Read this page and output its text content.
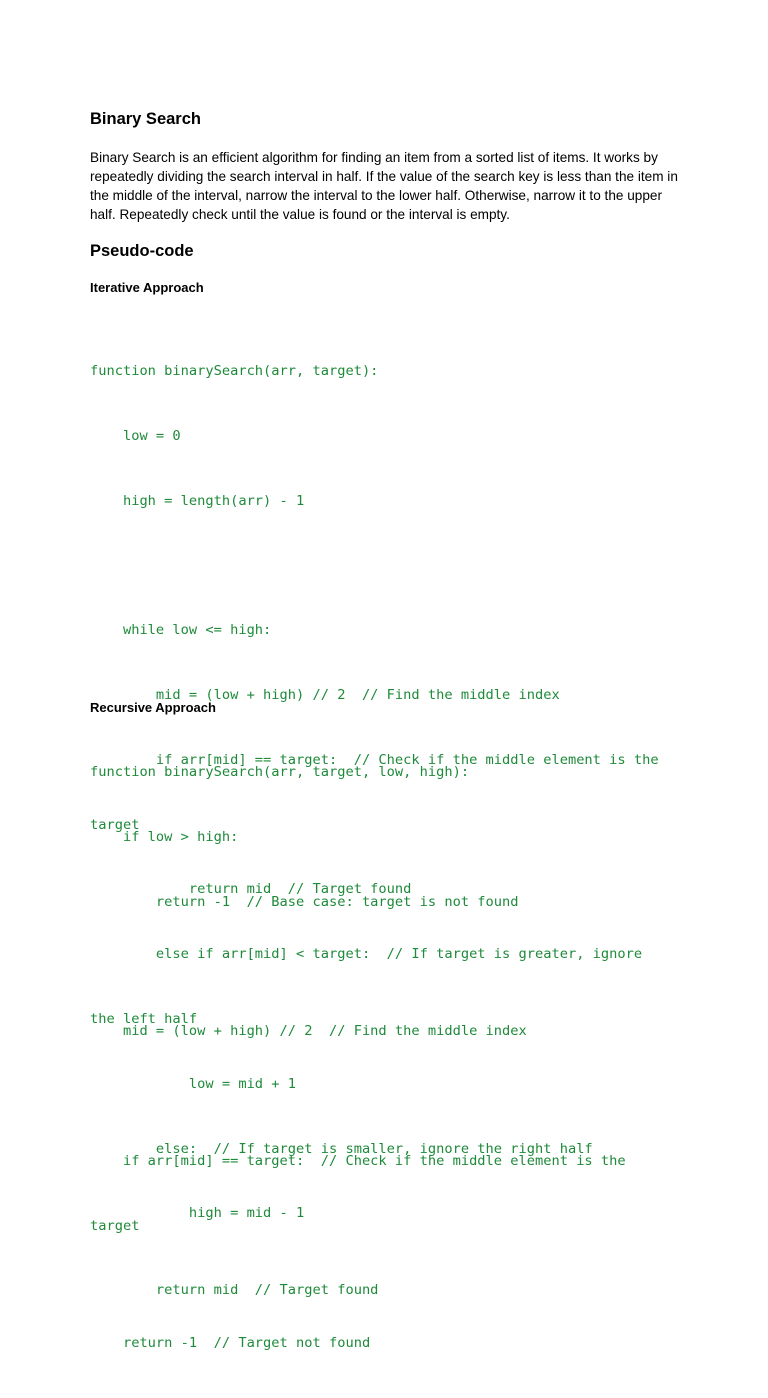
Binary Search

Binary Search is an efficient algorithm for finding an item from a sorted list of items. It works by repeatedly dividing the search interval in half. If the value of the search key is less than the item in the middle of the interval, narrow the interval to the lower half. Otherwise, narrow it to the upper half. Repeatedly check until the value is found or the interval is empty.

Pseudo-code
Iterative Approach

function binarySearch(arr, target):

low = 0

high = length(arr) - 1

while low <= high:

mid = (low + high) // 2  // Find the middle index

if arr[mid] == target:  // Check if the middle element is the

target

return mid  // Target found

else if arr[mid] < target:  // If target is greater, ignore

the left half

low = mid + 1

else:  // If target is smaller, ignore the right half

high = mid - 1

return -1  // Target not found

Recursive Approach

function binarySearch(arr, target, low, high):

if low > high:

return -1  // Base case: target is not found

mid = (low + high) // 2  // Find the middle index

if arr[mid] == target:  // Check if the middle element is the

target

return mid  // Target found
